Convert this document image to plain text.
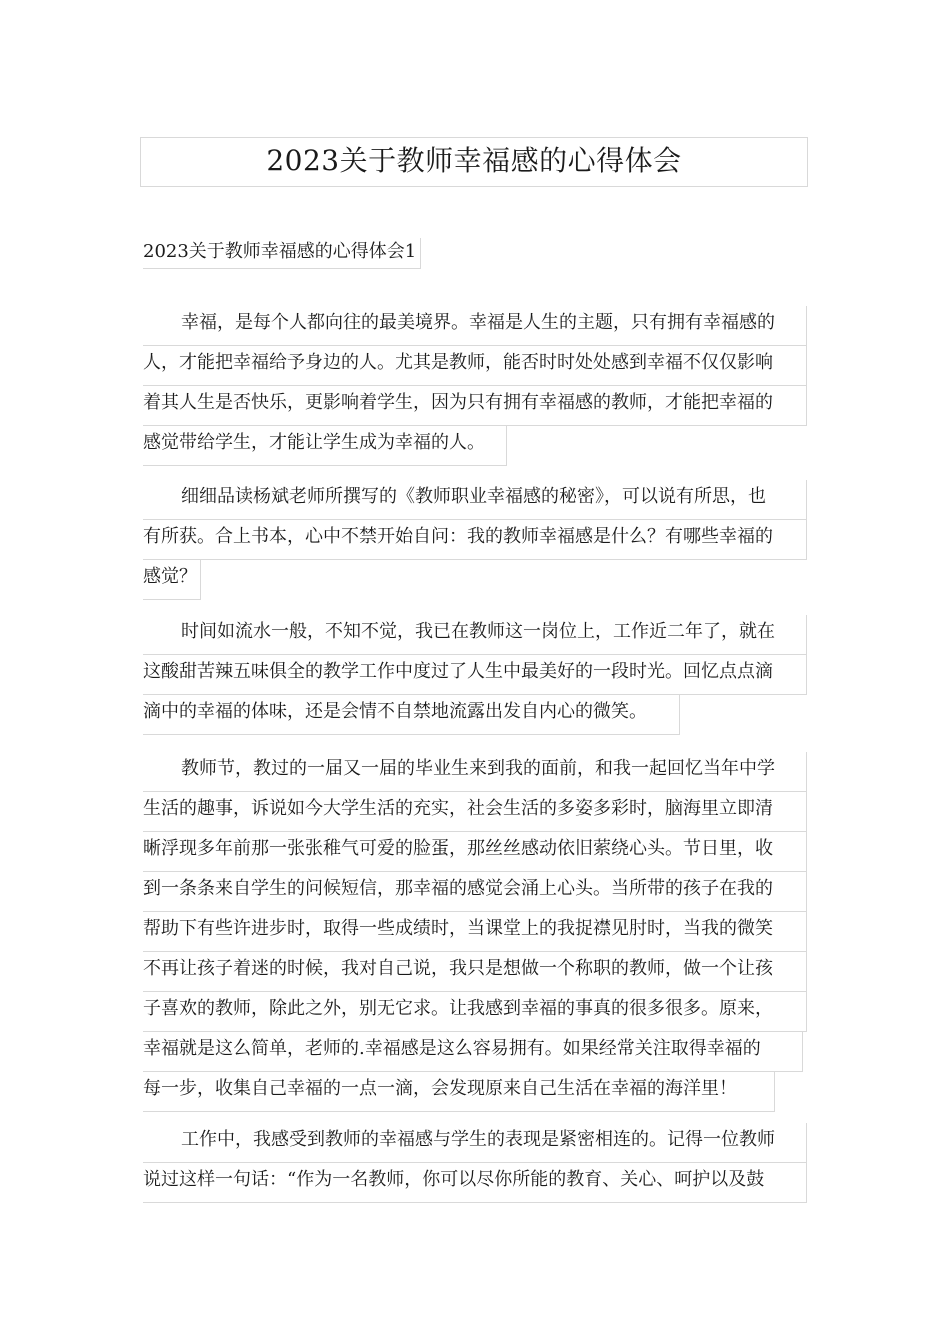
2023关于教师幸福感的心得体会
2023关于教师幸福感的心得体会1
幸福，是每个人都向往的最美境界。幸福是人生的主题，只有拥有幸福感的
人，才能把幸福给予身边的人。尤其是教师，能否时时处处感到幸福不仅仅影响
着其人生是否快乐，更影响着学生，因为只有拥有幸福感的教师，才能把幸福的
感觉带给学生，才能让学生成为幸福的人。
细细品读杨斌老师所撰写的《教师职业幸福感的秘密》，可以说有所思，也
有所获。合上书本，心中不禁开始自问：我的教师幸福感是什么？有哪些幸福的
感觉？
时间如流水一般，不知不觉，我已在教师这一岗位上，工作近二年了，就在
这酸甜苦辣五味俱全的教学工作中度过了人生中最美好的一段时光。回忆点点滴
滴中的幸福的体味，还是会情不自禁地流露出发自内心的微笑。
教师节，教过的一届又一届的毕业生来到我的面前，和我一起回忆当年中学
生活的趣事，诉说如今大学生活的充实，社会生活的多姿多彩时，脑海里立即清
晰浮现多年前那一张张稚气可爱的脸蛋，那丝丝感动依旧萦绕心头。节日里，收
到一条条来自学生的问候短信，那幸福的感觉会涌上心头。当所带的孩子在我的
帮助下有些许进步时，取得一些成绩时，当课堂上的我捉襟见肘时，当我的微笑
不再让孩子着迷的时候，我对自己说，我只是想做一个称职的教师，做一个让孩
子喜欢的教师，除此之外，别无它求。让我感到幸福的事真的很多很多。原来，
幸福就是这么简单，老师的.幸福感是这么容易拥有。如果经常关注取得幸福的
每一步，收集自己幸福的一点一滴，会发现原来自己生活在幸福的海洋里！
工作中，我感受到教师的幸福感与学生的表现是紧密相连的。记得一位教师
说过这样一句话：“作为一名教师，你可以尽你所能的教育、关心、呵护以及鼓
